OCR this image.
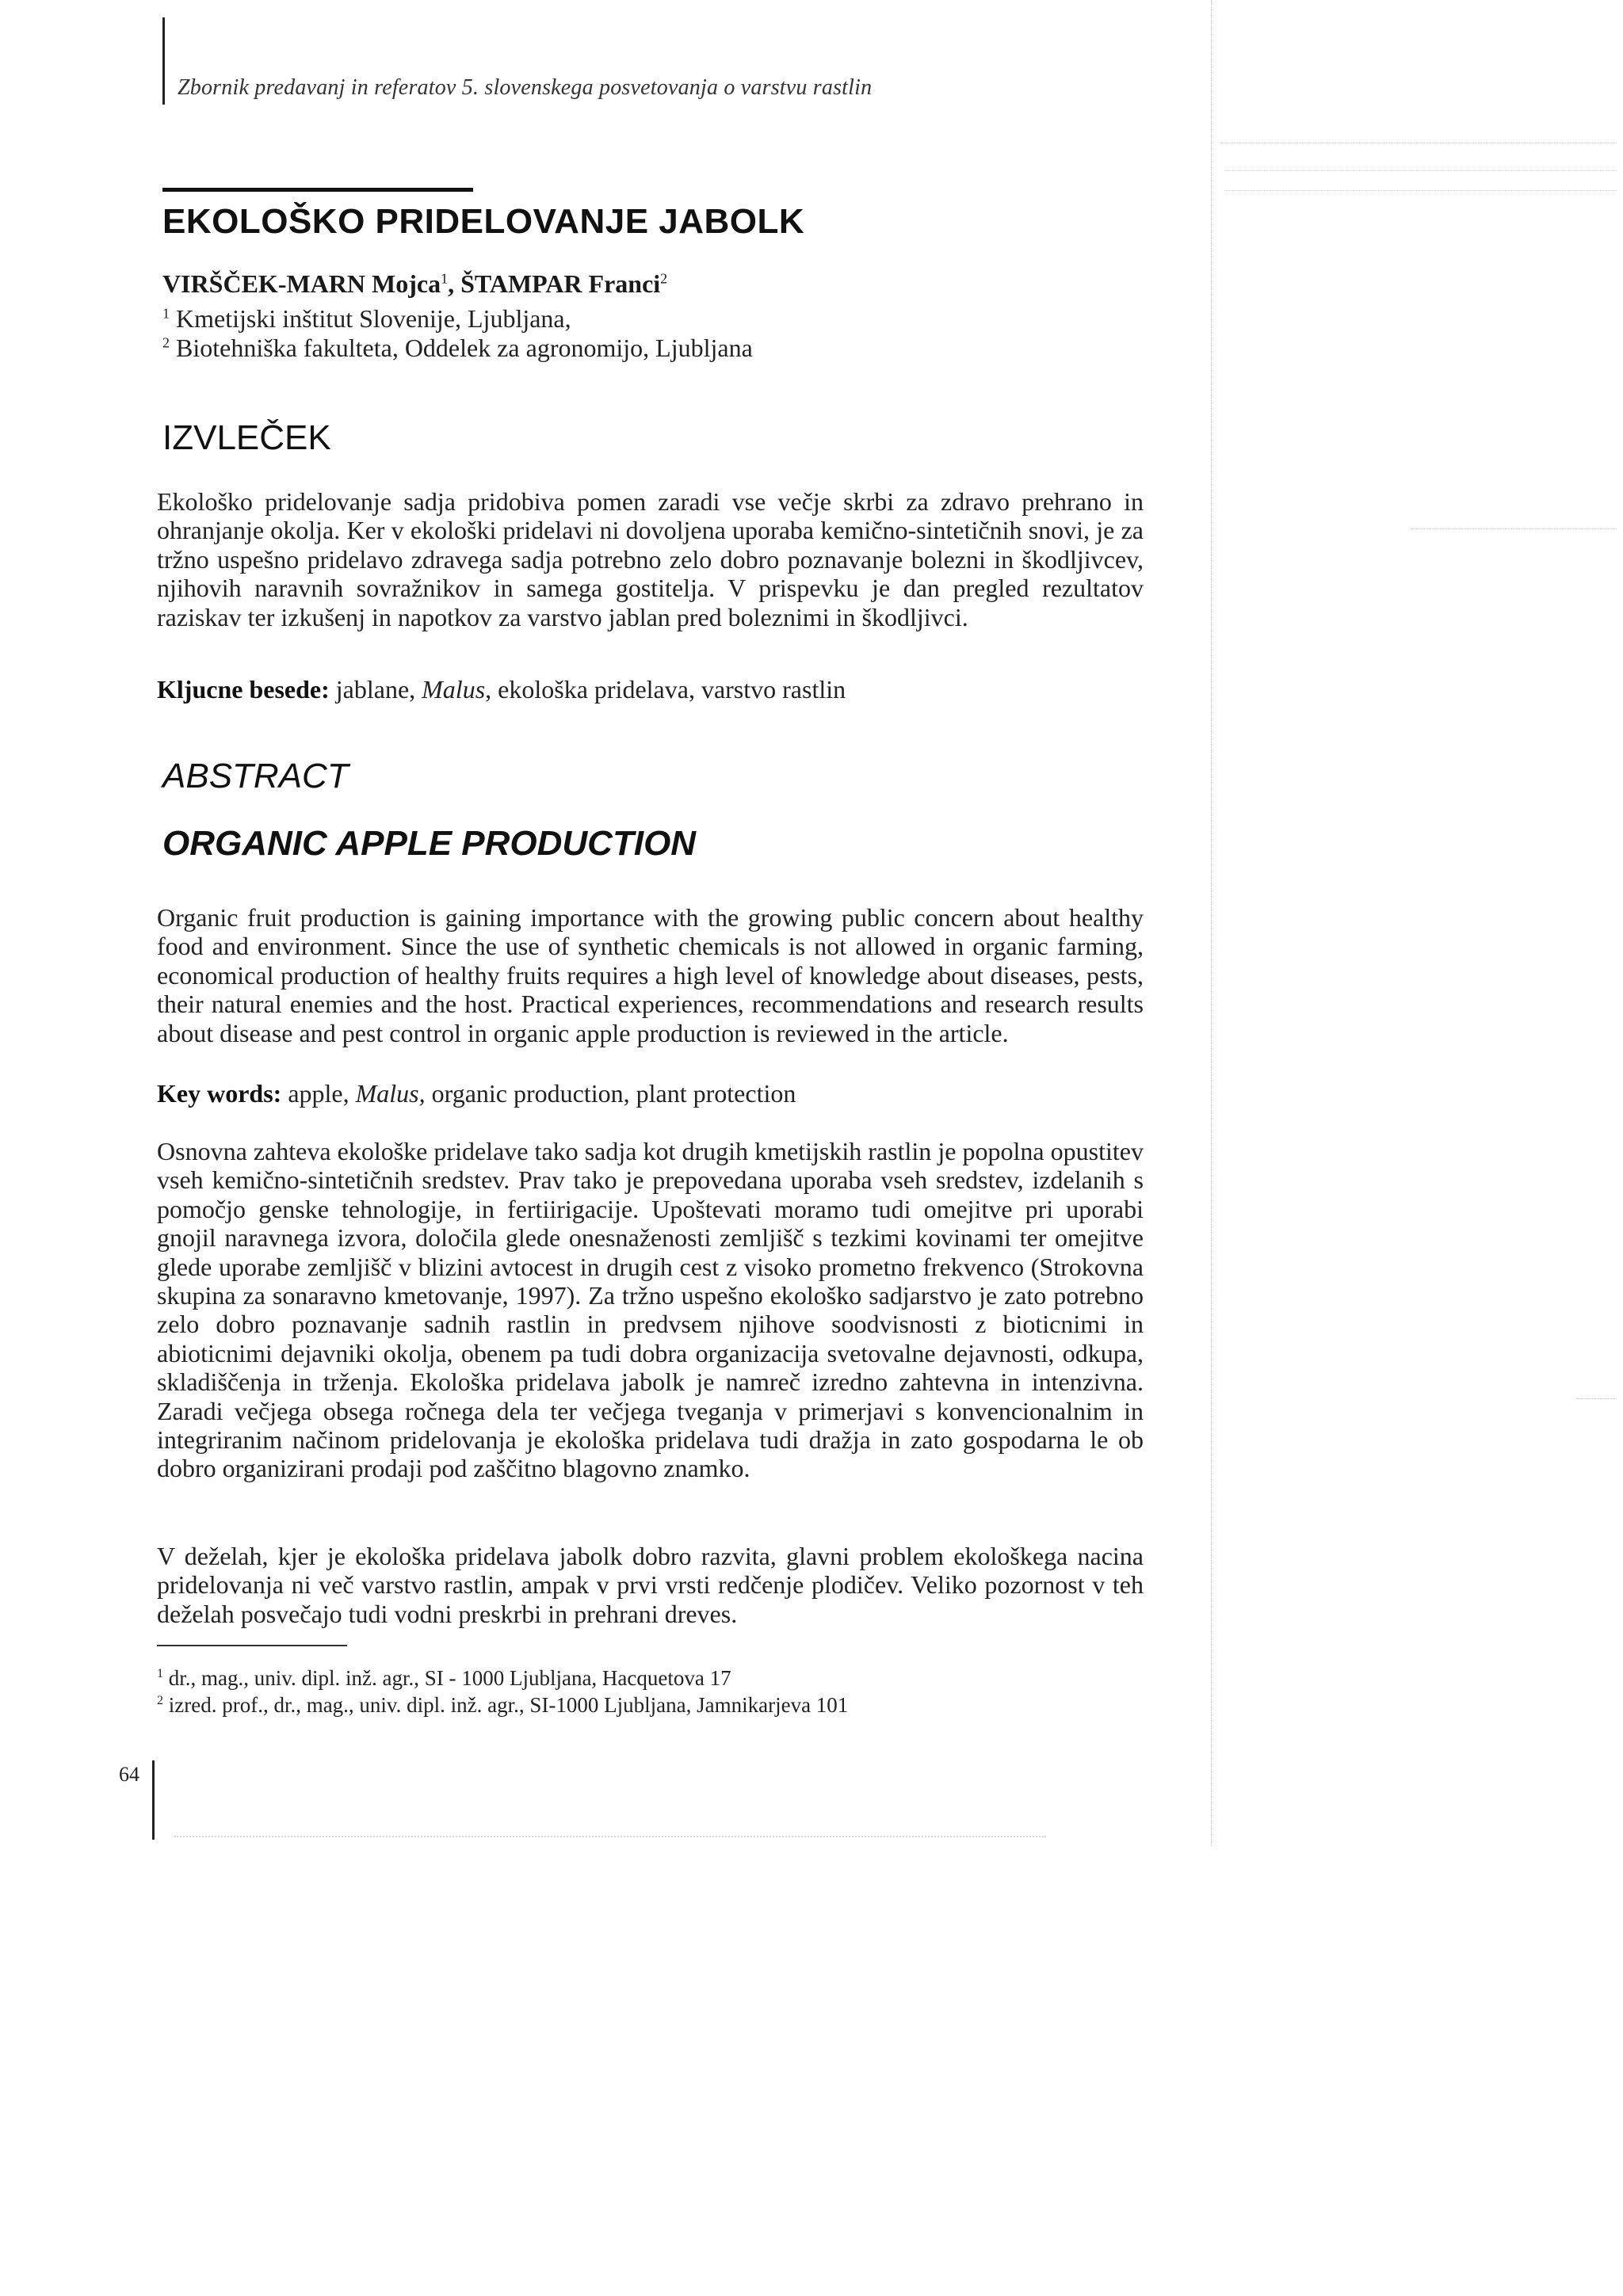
Zbornik predavanj in referatov 5. slovenskega posvetovanja o varstvu rastlin

EKOLOŠKO PRIDELOVANJE JABOLK

VIRŠČEK-MARN Mojca$^1$, ŠTAMPAR Franci$^2$

$^1$ Kmetijski inštitut Slovenije, Ljubljana,

$^2$ Biotehniška fakulteta, Oddelek za agronomijo, Ljubljana

IZVLEČEK

Ekološko pridelovanje sadja pridobiva pomen zaradi vse večje skrbi za zdravo prehrano in ohranjanje okolja. Ker v ekološki pridelavi ni dovoljena uporaba kemično-sintetičnih snovi, je za tržno uspešno pridelavo zdravega sadja potrebno zelo dobro poznavanje bolezni in škodljivcev, njihovih naravnih sovražnikov in samega gostitelja. V prispevku je dan pregled rezultatov raziskav ter izkušenj in napotkov za varstvo jablan pred boleznimi in škodljivci.

Kljucne besede: jablane, Malus, ekološka pridelava, varstvo rastlin

ABSTRACT
ORGANIC APPLE PRODUCTION

Organic fruit production is gaining importance with the growing public concern about healthy food and environment. Since the use of synthetic chemicals is not allowed in organic farming, economical production of healthy fruits requires a high level of knowledge about diseases, pests, their natural enemies and the host. Practical experiences, recommendations and research results about disease and pest control in organic apple production is reviewed in the article.

Key words: apple, Malus, organic production, plant protection

Osnovna zahteva ekološke pridelave tako sadja kot drugih kmetijskih rastlin je popolna opustitev vseh kemično-sintetičnih sredstev. Prav tako je prepovedana uporaba vseh sredstev, izdelanih s pomočjo genske tehnologije, in fertiirigacije. Upoštevati moramo tudi omejitve pri uporabi gnojil naravnega izvora, določila glede onesnaženosti zemljišč s tezkimi kovinami ter omejitve glede uporabe zemljišč v blizini avtocest in drugih cest z visoko prometno frekvenco (Strokovna skupina za sonaravno kmetovanje, 1997). Za tržno uspešno ekološko sadjarstvo je zato potrebno zelo dobro poznavanje sadnih rastlin in predvsem njihove soodvisnosti z bioticnimi in abioticnimi dejavniki okolja, obenem pa tudi dobra organizacija svetovalne dejavnosti, odkupa, skladiščenja in trženja. Ekološka pridelava jabolk je namreč izredno zahtevna in intenzivna. Zaradi večjega obsega ročnega dela ter večjega tveganja v primerjavi s konvencionalnim in integriranim načinom pridelovanja je ekološka pridelava tudi dražja in zato gospodarna le ob dobro organizirani prodaji pod zaščitno blagovno znamko.

V deželah, kjer je ekološka pridelava jabolk dobro razvita, glavni problem ekološkega nacina pridelovanja ni več varstvo rastlin, ampak v prvi vrsti redčenje plodičev. Veliko pozornost v teh deželah posvečajo tudi vodni preskrbi in prehrani dreves.

$^1$ dr., mag., univ. dipl. inž. agr., SI - 1000 Ljubljana, Hacquetova 17

$^2$ izred. prof., dr., mag., univ. dipl. inž. agr., SI-1000 Ljubljana, Jamnikarjeva 101

64
